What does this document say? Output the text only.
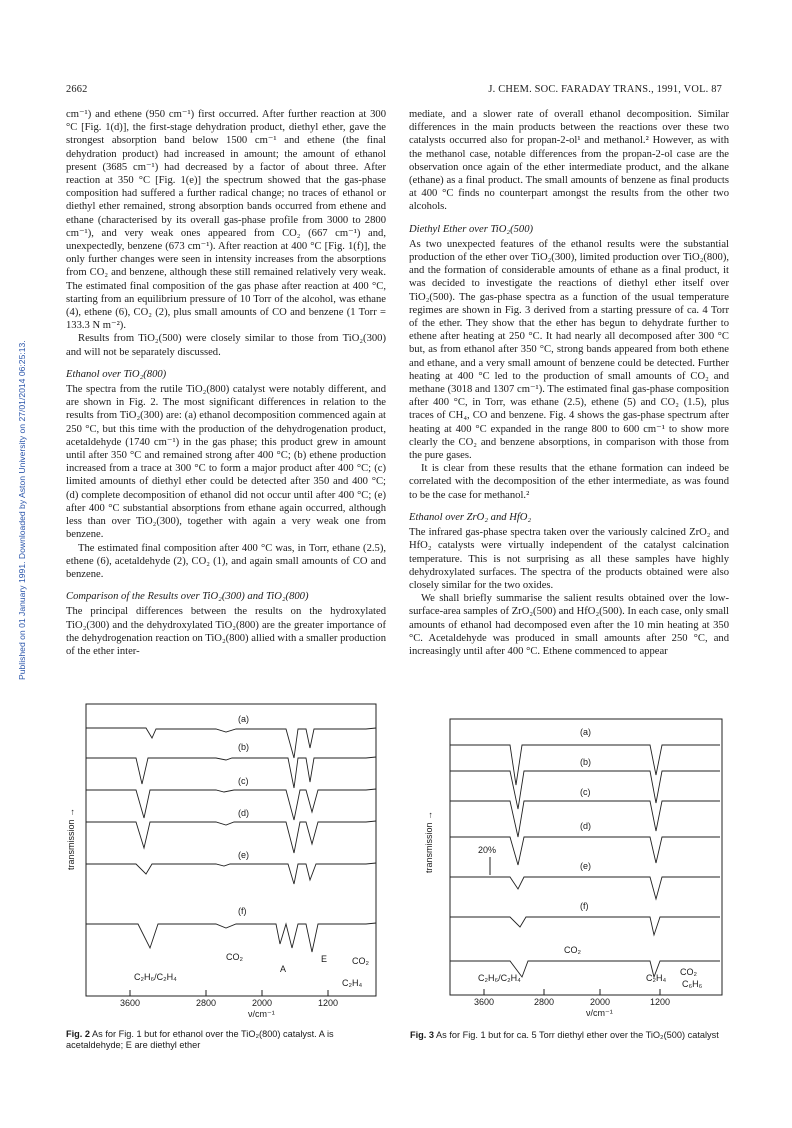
2662	J. CHEM. SOC. FARADAY TRANS., 1991, VOL. 87
Published on 01 January 1991. Downloaded by Aston University on 27/01/2014 06:25:13.

cm⁻¹) and ethene (950 cm⁻¹) first occurred. After further reaction at 300 °C [Fig. 1(d)], the first-stage dehydration product, diethyl ether, gave the strongest absorption band below 1500 cm⁻¹ and ethene (the final dehydration product) had increased in amount; the amount of ethanol present (3685 cm⁻¹) had decreased by a factor of about three. After reaction at 350 °C [Fig. 1(e)] the spectrum showed that the gas-phase composition had suffered a further radical change; no traces of ethanol or diethyl ether remained, strong absorption bands occurred from ethene and ethane (characterised by its overall gas-phase profile from 3000 to 2800 cm⁻¹), and very weak ones appeared from CO₂ (667 cm⁻¹) and, unexpectedly, benzene (673 cm⁻¹). After reaction at 400 °C [Fig. 1(f)], the only further changes were seen in intensity increases from the absorptions from CO₂ and benzene, although these still remained relatively very weak. The estimated final composition of the gas phase after reaction at 400 °C, starting from an equilibrium pressure of 10 Torr of the alcohol, was ethane (4), ethene (6), CO₂ (2), plus small amounts of CO and benzene (1 Torr = 133.3 N m⁻²).

Results from TiO₂(500) were closely similar to those from TiO₂(300) and will not be separately discussed.

Ethanol over TiO₂(800)

The spectra from the rutile TiO₂(800) catalyst were notably different, and are shown in Fig. 2. The most significant differences in relation to the results from TiO₂(300) are: (a) ethanol decomposition commenced again at 250 °C, but this time with the production of the dehydrogenation product, acetaldehyde (1740 cm⁻¹) in the gas phase; this product grew in amount until after 350 °C and remained strong after 400 °C; (b) ethene production increased from a trace at 300 °C to form a major product after 400 °C; (c) limited amounts of diethyl ether could be detected after 350 and 400 °C; (d) complete decomposition of ethanol did not occur until after 400 °C; (e) after 400 °C substantial absorptions from ethane again occurred, although less than over TiO₂(300), together with again a very weak one from benzene.

The estimated final composition after 400 °C was, in Torr, ethane (2.5), ethene (6), acetaldehyde (2), CO₂ (1), and again small amounts of CO and benzene.

Comparison of the Results over TiO₂(300) and TiO₂(800)

The principal differences between the results on the hydroxylated TiO₂(300) and the dehydroxylated TiO₂(800) are the greater importance of the dehydrogenation reaction on TiO₂(800) allied with a smaller production of the ether inter-

mediate, and a slower rate of overall ethanol decomposition. Similar differences in the main products between the reactions over these two catalysts occurred also for propan-2-ol¹ and methanol.² However, as with the methanol case, notable differences from the propan-2-ol case are the observation once again of the ether intermediate product, and the alkane (ethane) as a final product. The small amounts of benzene as final products at 400 °C finds no counterpart amongst the results from the other two alcohols.

Diethyl Ether over TiO₂(500)

As two unexpected features of the ethanol results were the substantial production of the ether over TiO₂(300), limited production over TiO₂(800), and the formation of considerable amounts of ethane as a final product, it was decided to investigate the reactions of diethyl ether itself over TiO₂(500). The gas-phase spectra as a function of the usual temperature regimes are shown in Fig. 3 derived from a starting pressure of ca. 4 Torr of the ether. They show that the ether has begun to dehydrate further to ethene after heating at 250 °C. It had nearly all decomposed after 300 °C but, as from ethanol after 350 °C, strong bands appeared from both ethene and ethane, and a very small amount of benzene could be detected. Further heating at 400 °C led to the production of small amounts of CO₂ and methane (3018 and 1307 cm⁻¹). The estimated final gas-phase composition after 400 °C, in Torr, was ethane (2.5), ethene (5) and CO₂ (1.5), plus traces of CH₄, CO and benzene. Fig. 4 shows the gas-phase spectrum after heating at 400 °C expanded in the range 800 to 600 cm⁻¹ to show more clearly the CO₂ and benzene absorptions, in comparison with those from the pure gases.

It is clear from these results that the ethane formation can indeed be correlated with the decomposition of the ether intermediate, as was found to be the case for methanol.²

Ethanol over ZrO₂ and HfO₂

The infrared gas-phase spectra taken over the variously calcined ZrO₂ and HfO₂ catalysts were virtually independent of the catalyst calcination temperature. This is not surprising as all these samples have highly dehydroxylated surfaces. The spectra of the products obtained were also closely similar for the two oxides.

We shall briefly summarise the salient results obtained over the low-surface-area samples of ZrO₂(500) and HfO₂(500). In each case, only small amounts of ethanol had decomposed even after the 10 min heating at 350 °C. Acetaldehyde was produced in small amounts after 250 °C, and increasingly until after 400 °C. Ethene commenced to appear

(a)
(b)
(c)
(d)
(e)
(f)
transmission →
CO₂
A
E	CO₂
C₂H₆/C₂H₄
C₂H₄
3600	2800	2000	1200
ν/cm⁻¹
Fig. 2 As for Fig. 1 but for ethanol over the TiO₂(800) catalyst. A is acetaldehyde; E are diethyl ether
(a)
(b)
(c)
(d)
(e)
(f)
20%
transmission →
CO₂
C₂H₆/C₂H₄	C₂H₄
CO₂
C₆H₆
3600	2800	2000	1200
ν/cm⁻¹
Fig. 3 As for Fig. 1 but for ca. 5 Torr diethyl ether over the TiO₂(500) catalyst
